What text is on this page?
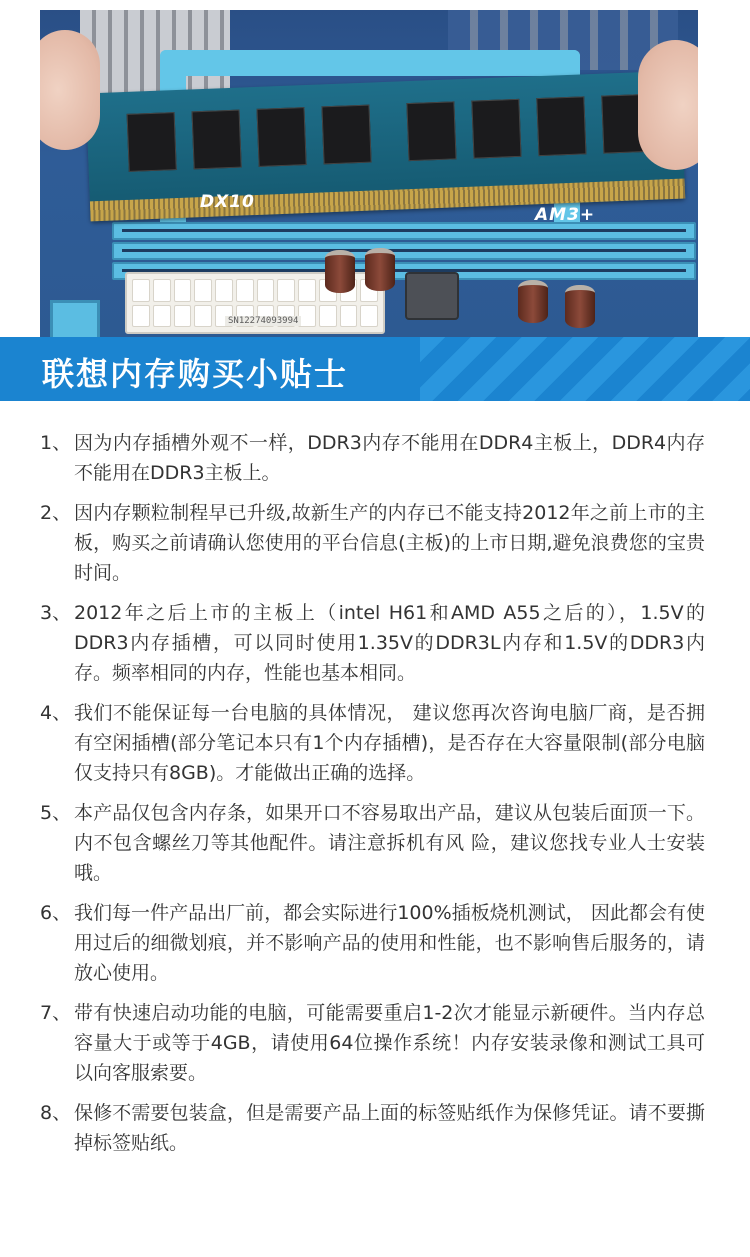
DX10
AM3+
SN12274093994
联想内存购买小贴士
1、 因为内存插槽外观不一样，DDR3内存不能用在DDR4主板上，DDR4内存不能用在DDR3主板上。
2、 因内存颗粒制程早已升级,故新生产的内存已不能支持2012年之前上市的主板，购买之前请确认您使用的平台信息(主板)的上市日期,避免浪费您的宝贵时间。
3、 2012年之后上市的主板上（intel H61和AMD A55之后的），1.5V的DDR3内存插槽，可以同时使用1.35V的DDR3L内存和1.5V的DDR3内存。频率相同的内存，性能也基本相同。
4、 我们不能保证每一台电脑的具体情况， 建议您再次咨询电脑厂商，是否拥有空闲插槽(部分笔记本只有1个内存插槽)，是否存在大容量限制(部分电脑仅支持只有8GB)。才能做出正确的选择。
5、 本产品仅包含内存条，如果开口不容易取出产品，建议从包装后面顶一下。内不包含螺丝刀等其他配件。请注意拆机有风 险，建议您找专业人士安装哦。
6、 我们每一件产品出厂前，都会实际进行100%插板烧机测试， 因此都会有使用过后的细微划痕，并不影响产品的使用和性能，也不影响售后服务的，请放心使用。
7、 带有快速启动功能的电脑，可能需要重启1-2次才能显示新硬件。当内存总容量大于或等于4GB，请使用64位操作系统！内存安装录像和测试工具可以向客服索要。
8、 保修不需要包装盒，但是需要产品上面的标签贴纸作为保修凭证。请不要撕掉标签贴纸。
